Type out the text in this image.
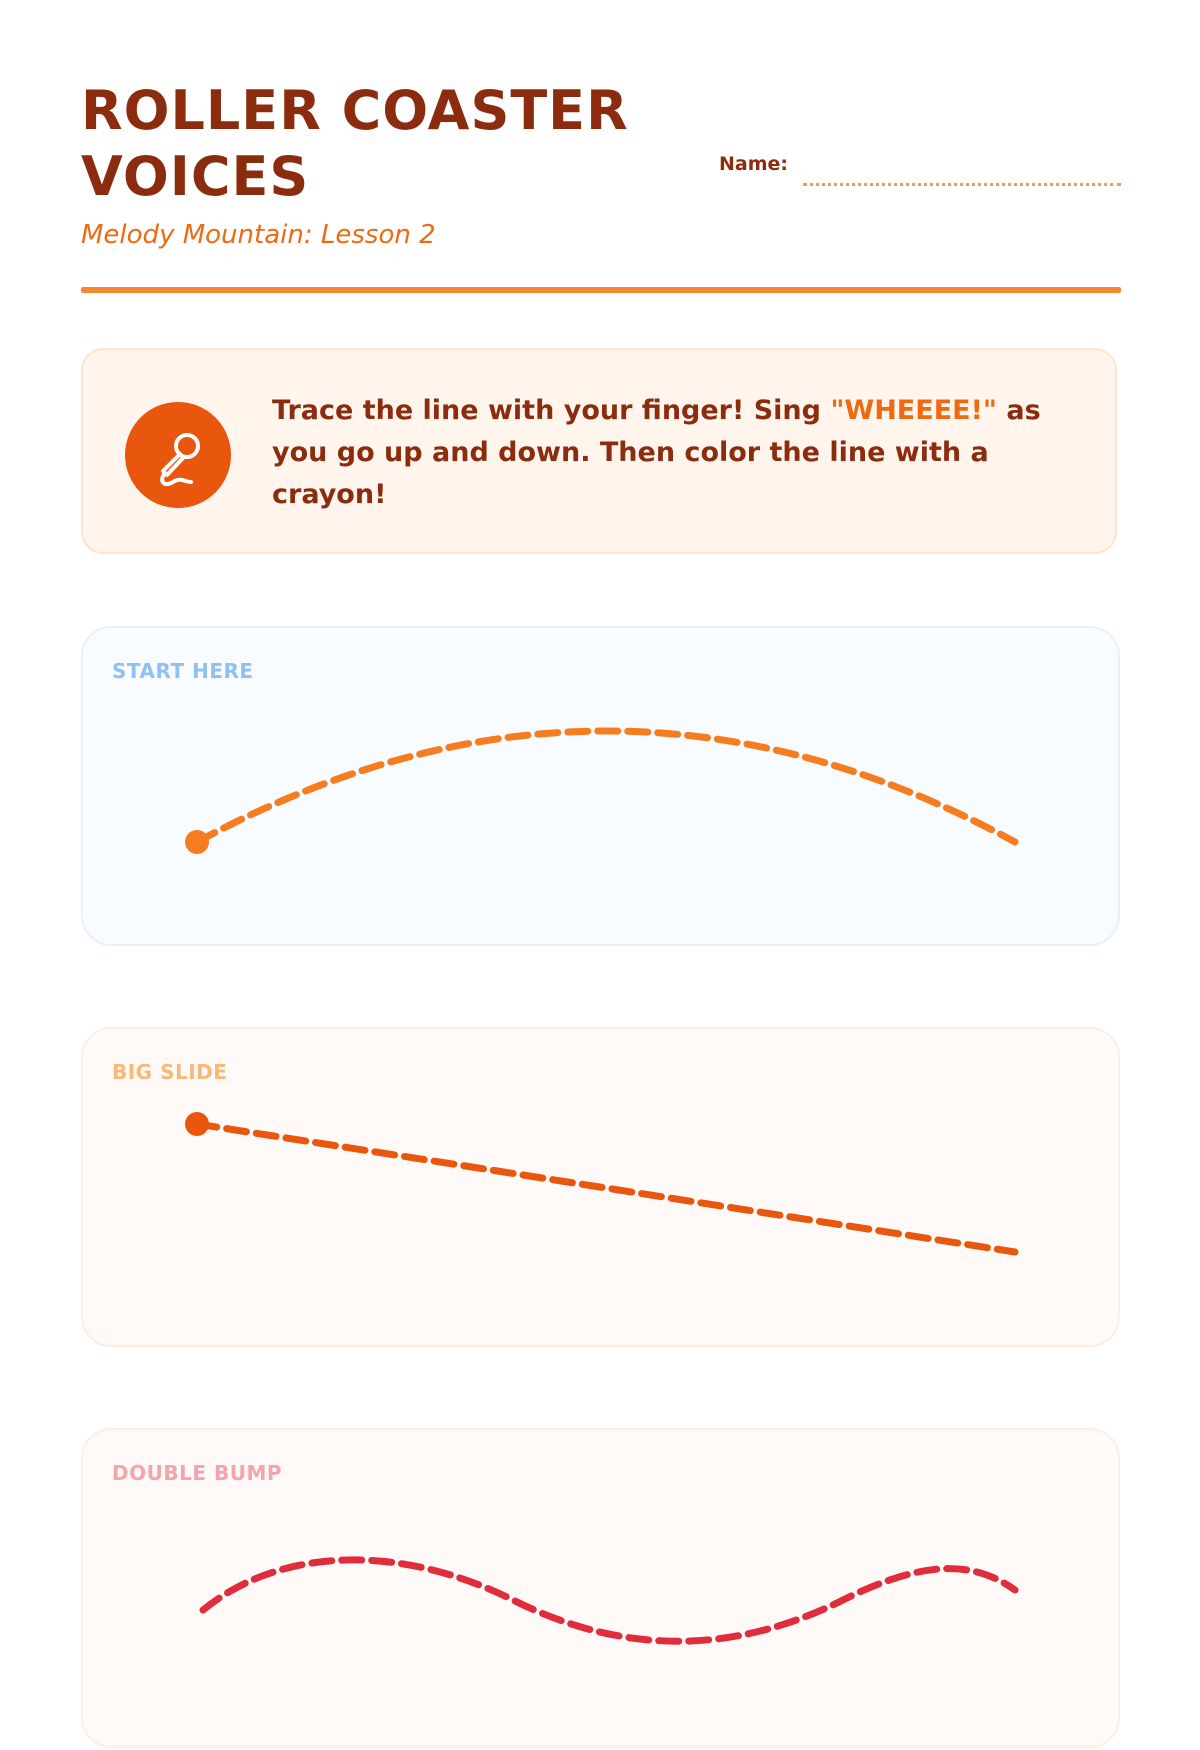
ROLLER COASTER
VOICES
Melody Mountain: Lesson 2
Name:

Trace the line with your finger! Sing "WHEEEE!" as you go up and down. Then color the line with a crayon!

START HERE
BIG SLIDE
DOUBLE BUMP
